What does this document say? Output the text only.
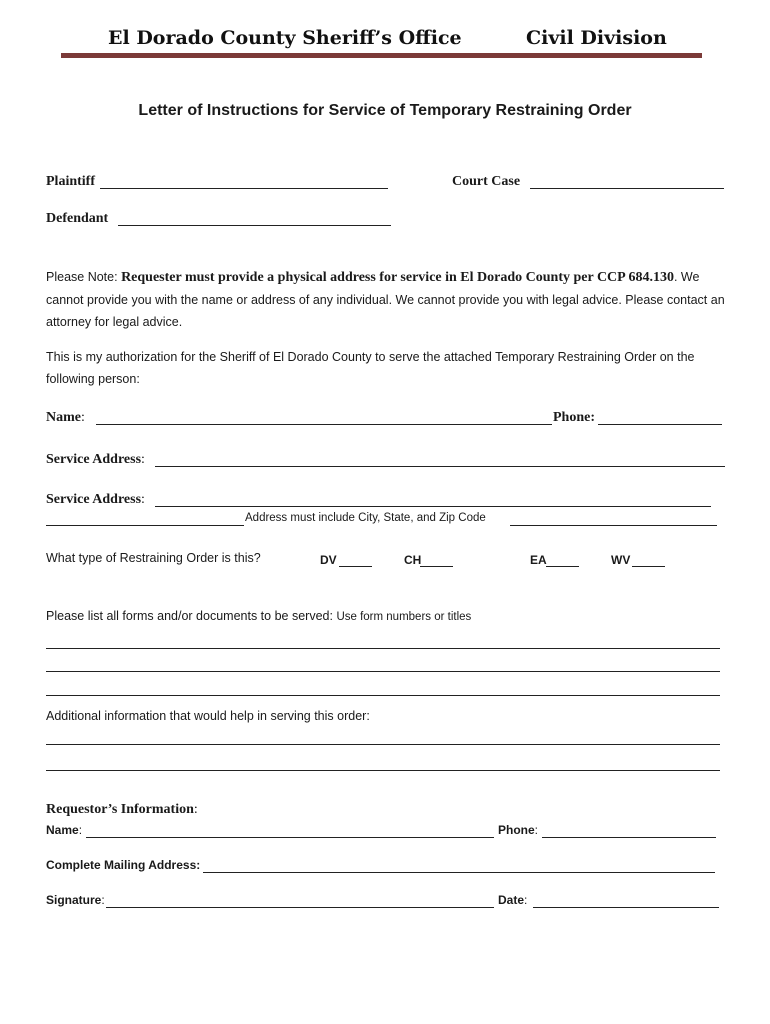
El Dorado County Sheriff’s Office	Civil Division
Letter of Instructions for Service of Temporary Restraining Order
Plaintiff	Court Case
Defendant
Please Note: Requester must provide a physical address for service in El Dorado County per CCP 684.130. We cannot provide you with the name or address of any individual. We cannot provide you with legal advice. Please contact an attorney for legal advice.
This is my authorization for the Sheriff of El Dorado County to serve the attached Temporary Restraining Order on the following person:
Name:	Phone:
Service Address:
Service Address:
Address must include City, State, and Zip Code
What type of Restraining Order is this?	DV	CH	EA	WV
Please list all forms and/or documents to be served: Use form numbers or titles
Additional information that would help in serving this order:
Requestor’s Information:
Name:	Phone:
Complete Mailing Address:
Signature:	Date:
